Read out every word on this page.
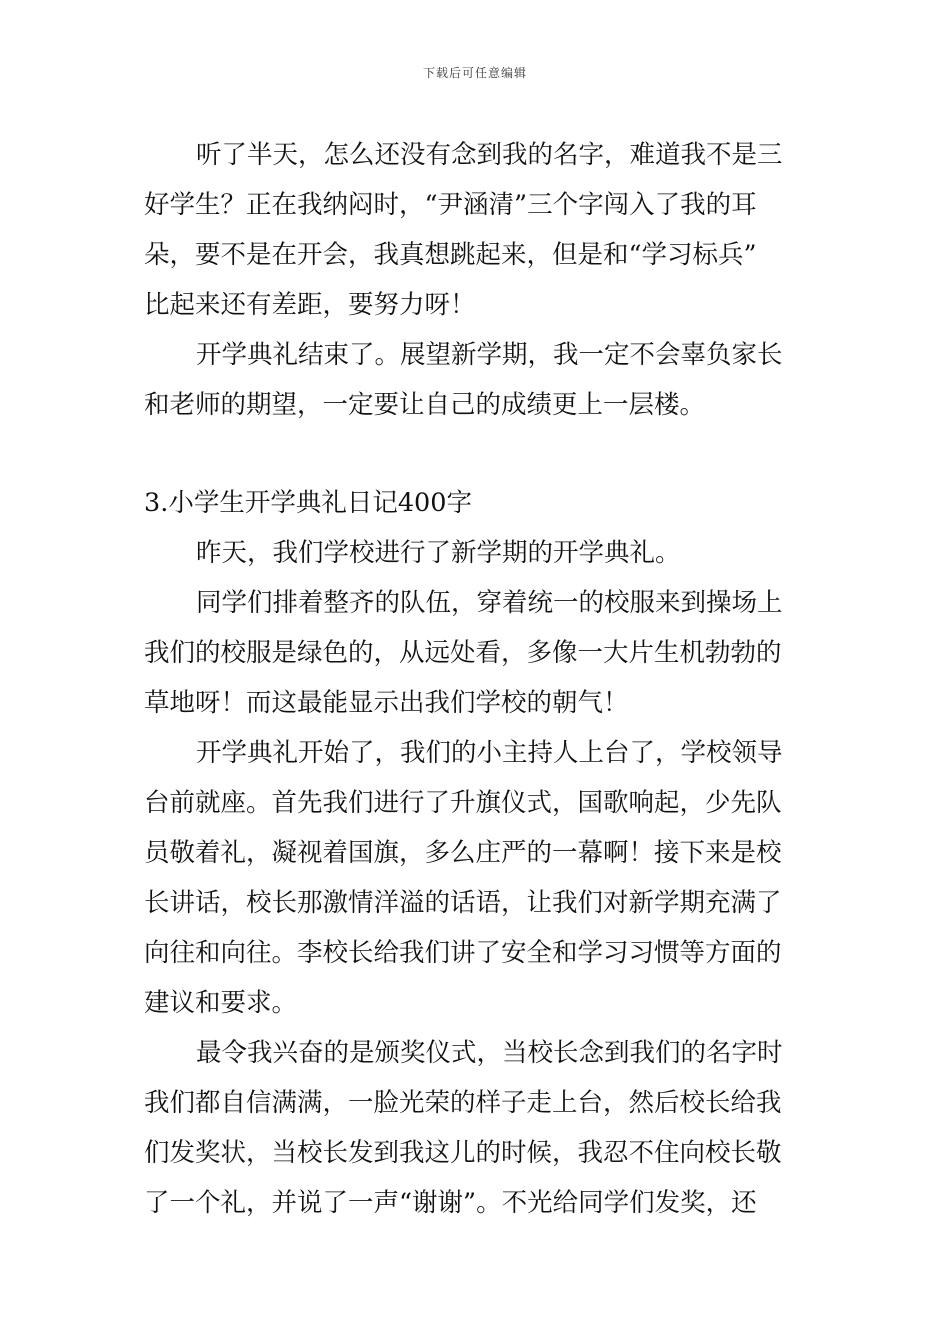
下载后可任意编辑
听了半天，怎么还没有念到我的名字，难道我不是三
好学生？正在我纳闷时，“尹涵清”三个字闯入了我的耳
朵，要不是在开会，我真想跳起来，但是和“学习标兵”
比起来还有差距，要努力呀！
开学典礼结束了。展望新学期，我一定不会辜负家长
和老师的期望，一定要让自己的成绩更上一层楼。
3.小学生开学典礼日记400字
昨天，我们学校进行了新学期的开学典礼。
同学们排着整齐的队伍，穿着统一的校服来到操场上
我们的校服是绿色的，从远处看，多像一大片生机勃勃的
草地呀！而这最能显示出我们学校的朝气！
开学典礼开始了，我们的小主持人上台了，学校领导
台前就座。首先我们进行了升旗仪式，国歌响起，少先队
员敬着礼，凝视着国旗，多么庄严的一幕啊！接下来是校
长讲话，校长那激情洋溢的话语，让我们对新学期充满了
向往和向往。李校长给我们讲了安全和学习习惯等方面的
建议和要求。
最令我兴奋的是颁奖仪式，当校长念到我们的名字时
我们都自信满满，一脸光荣的样子走上台，然后校长给我
们发奖状，当校长发到我这儿的时候，我忍不住向校长敬
了一个礼，并说了一声“谢谢”。不光给同学们发奖，还
